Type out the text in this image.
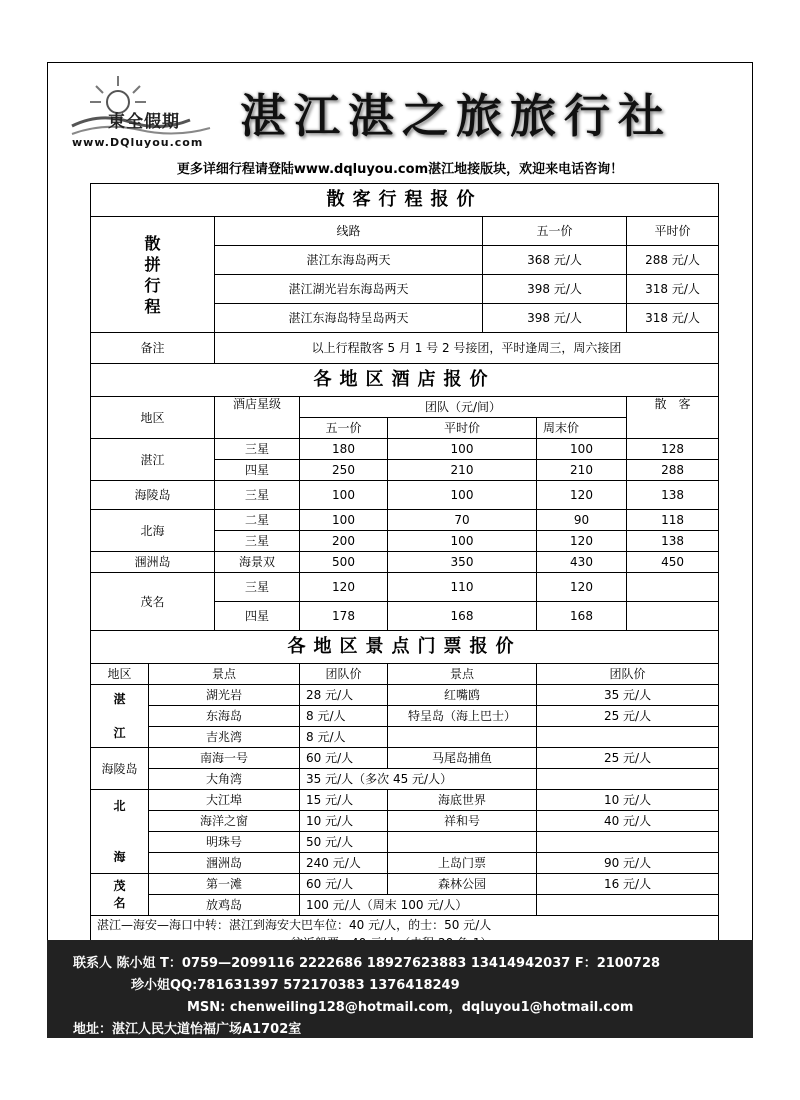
東全假期
www.DQluyou.com 湛江湛之旅旅行社
更多详细行程请登陆www.dqluyou.com湛江地接版块，欢迎来电话咨询！
散客行程报价							
散拼行程		线路			五一价		平时价
		湛江东海岛两天			368 元/人		288 元/人
		湛江湖光岩东海岛两天			398 元/人		318 元/人
		湛江东海岛特呈岛两天			398 元/人		318 元/人
备注		以上行程散客 5 月 1 号 2 号接团，平时逢周三，周六接团					
各地区酒店报价							
地区		酒店星级	团队（元/间）				散　客
			五一价	平时价		周末价	
湛江		三星	180	100		100	128
		四星	250	210		210	288
海陵岛		三星	100	100		120	138
北海		二星	100	70		90	118
		三星	200	100		120	138
涠洲岛		海景双	500	350		430	450
茂名		三星	120	110		120	
		四星	178	168		168	
各地区景点门票报价							
地区	景点		团队价	景点		团队价	
湛

江	湖光岩		28 元/人	红嘴鸥		35 元/人	
	东海岛		8 元/人	特呈岛（海上巴士）		25 元/人	
	吉兆湾		8 元/人				
海陵岛	南海一号		60 元/人	马尾岛捕鱼		25 元/人	
	大角湾		35 元/人（多次 45 元/人）				
北

海	大江埠		15 元/人	海底世界		10 元/人	
	海洋之窗		10 元/人	祥和号		40 元/人	
	明珠号		50 元/人				
	涠洲岛		240 元/人	上岛门票		90 元/人	
茂名	第一滩		60 元/人	森林公园		16 元/人	
	放鸡岛		100 元/人（周末 100 元/人）				
湛江—海安—海口中转：湛江到海安大巴车位：40 元/人，的士：50 元/人							

联系人 陈小姐 T：0759—2099116 2222686 18927623883 13414942037 F：2100728
珍小姐QQ:781631397 572170383 1376418249
MSN: chenweiling128@hotmail.com，dqluyou1@hotmail.com
地址：湛江人民大道怡福广场A1702室
